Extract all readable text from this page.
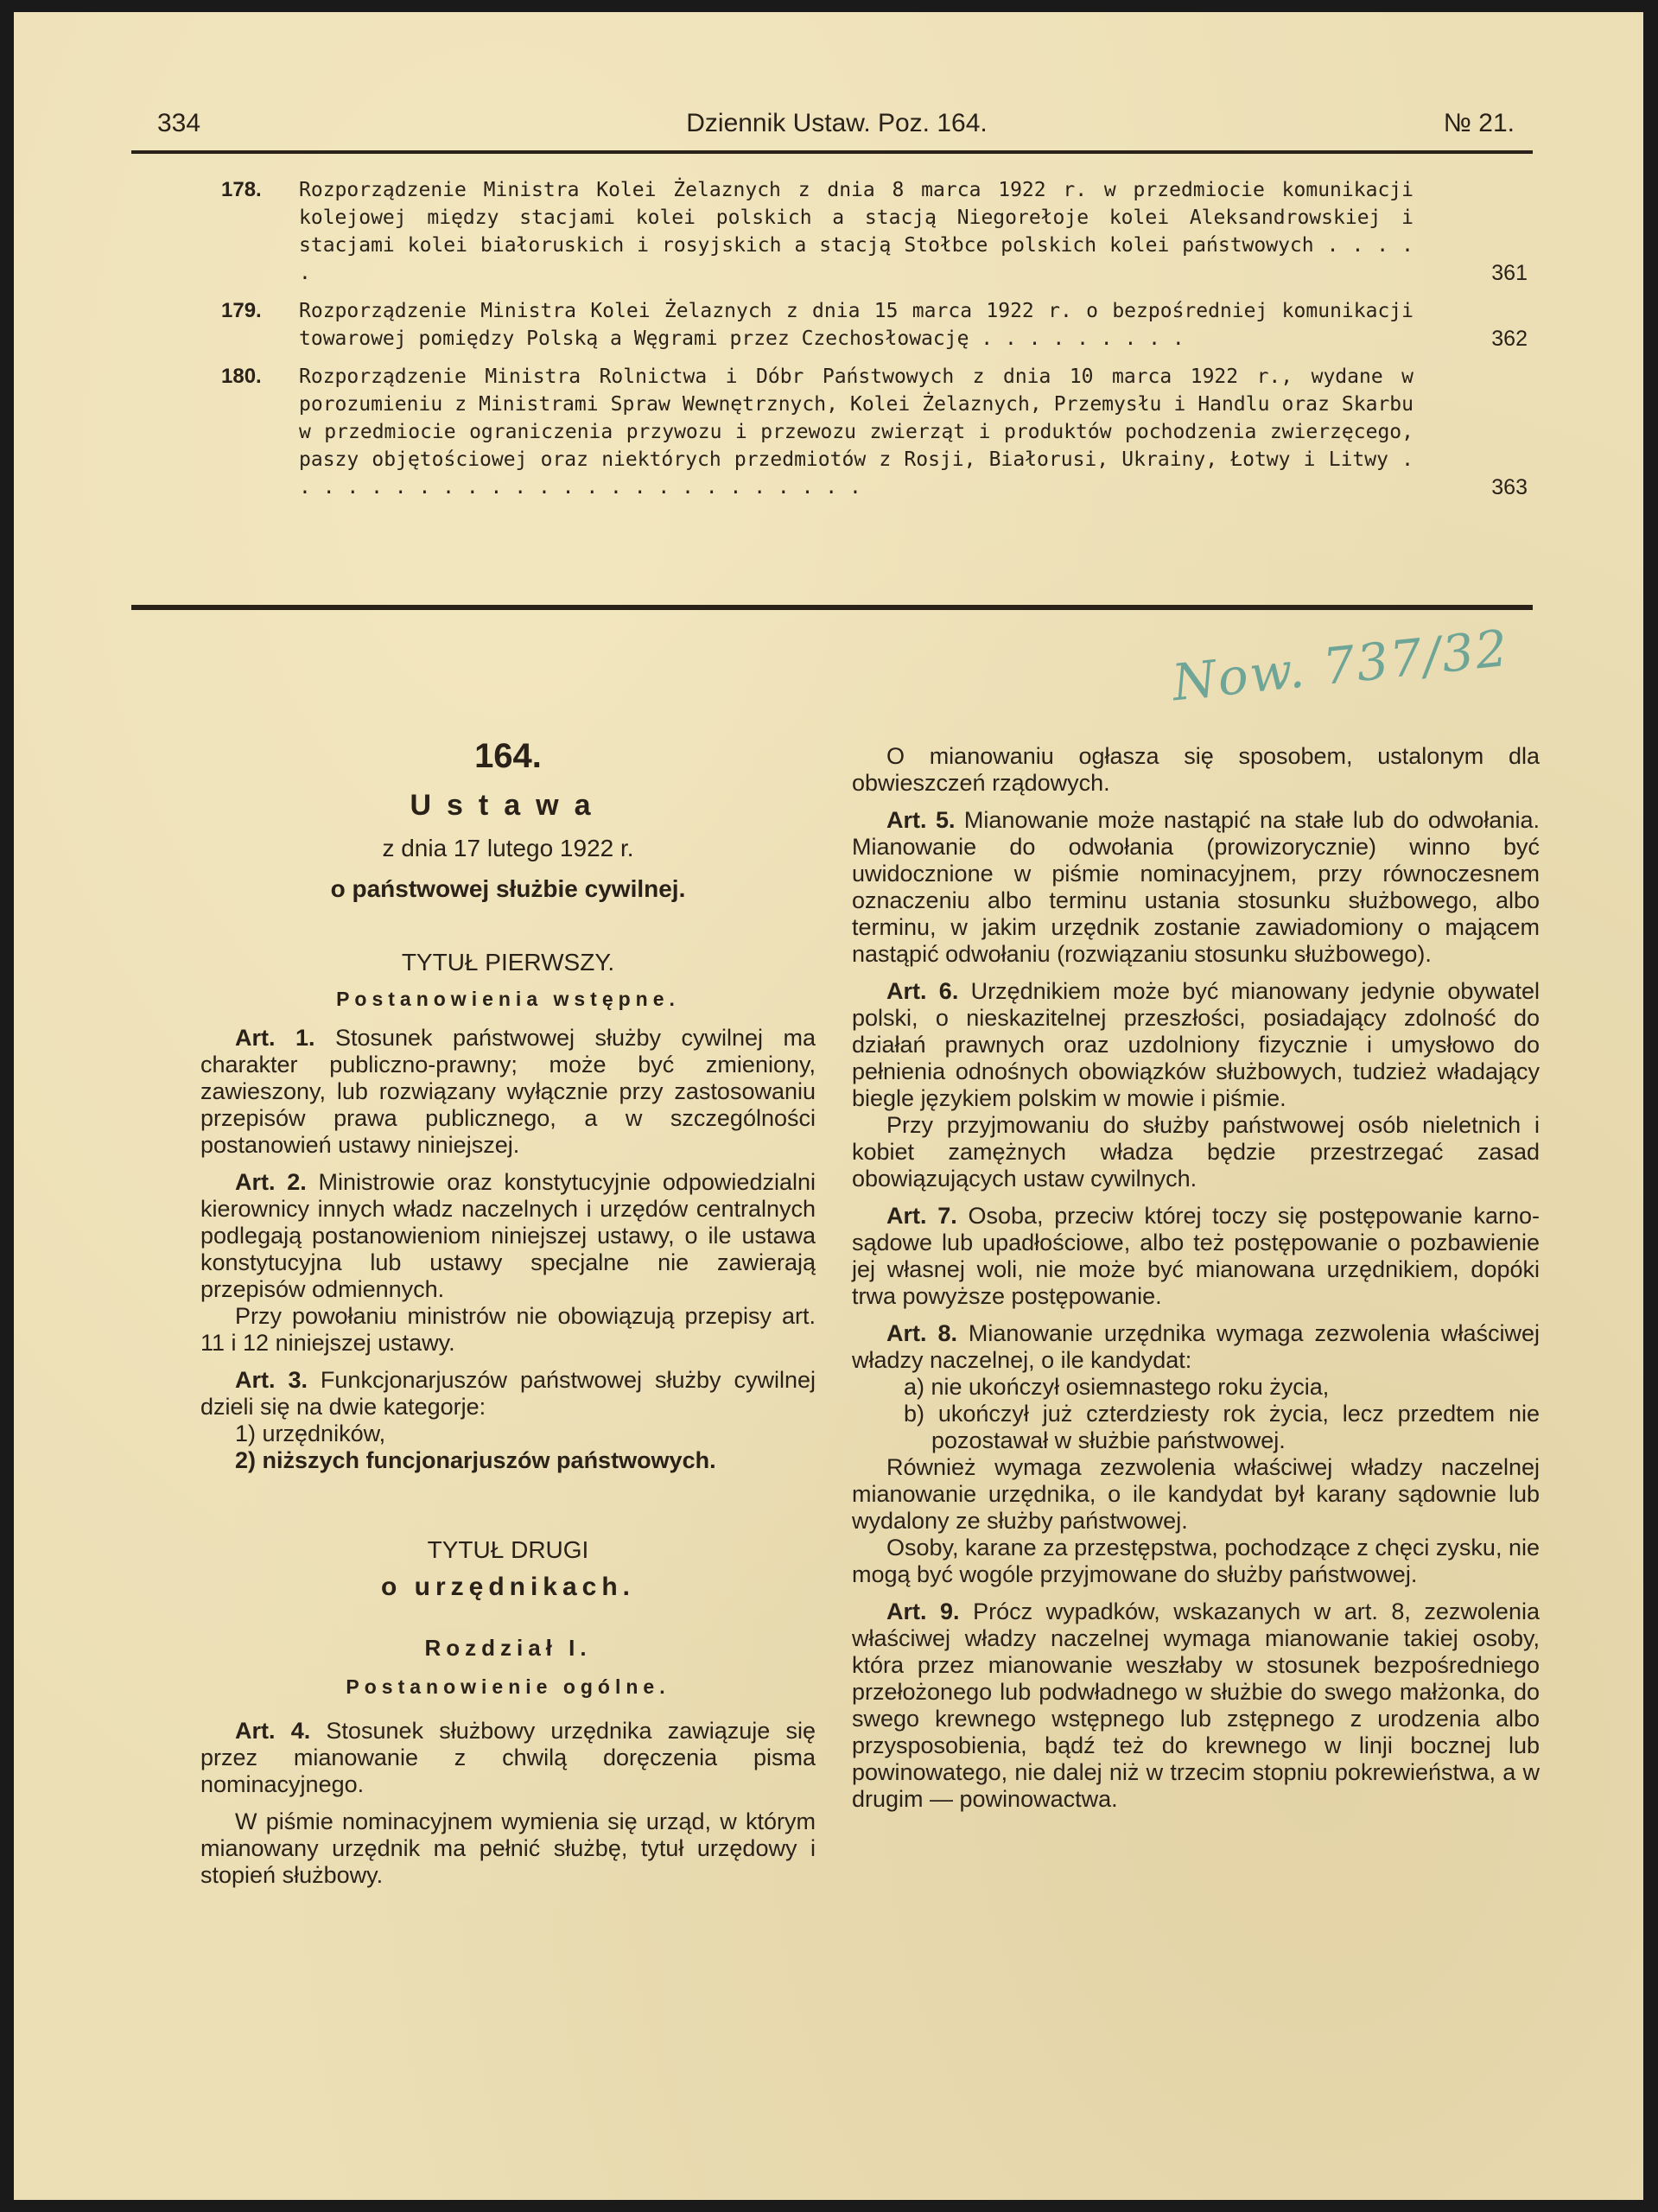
334	Dziennik Ustaw. Poz. 164.	№ 21.
178. Rozporządzenie Ministra Kolei Żelaznych z dnia 8 marca 1922 r. w przedmiocie komunikacji kolejowej między stacjami kolei polskich a stacją Niegorełoje kolei Aleksandrowskiej i stacjami kolei białoruskich i rosyjskich a stacją Stołbce polskich kolei państwowych . . . . .	361
179. Rozporządzenie Ministra Kolei Żelaznych z dnia 15 marca 1922 r. o bezpośredniej komunikacji towarowej pomiędzy Polską a Węgrami przez Czechosłowację . . . . . . . . .	362
180. Rozporządzenie Ministra Rolnictwa i Dóbr Państwowych z dnia 10 marca 1922 r., wydane w porozumieniu z Ministrami Spraw Wewnętrznych, Kolei Żelaznych, Przemysłu i Handlu oraz Skarbu w przedmiocie ograniczenia przywozu i przewozu zwierząt i produktów pochodzenia zwierzęcego, paszy objętościowej oraz niektórych przedmiotów z Rosji, Białorusi, Ukrainy, Łotwy i Litwy . . . . . . . . . . . . . . . . . . . . . . . . .	363
Now. 737/32
164.
Ustawa
z dnia 17 lutego 1922 r.
o państwowej służbie cywilnej.
TYTUŁ PIERWSZY.
Postanowienia wstępne.

Art. 1. Stosunek państwowej służby cywilnej ma charakter publiczno-prawny; może być zmieniony, zawieszony, lub rozwiązany wyłącznie przy zastosowaniu przepisów prawa publicznego, a w szczególności postanowień ustawy niniejszej.

Art. 2. Ministrowie oraz konstytucyjnie odpowiedzialni kierownicy innych władz naczelnych i urzędów centralnych podlegają postanowieniom niniejszej ustawy, o ile ustawa konstytucyjna lub ustawy specjalne nie zawierają przepisów odmiennych.

Przy powołaniu ministrów nie obowiązują przepisy art. 11 i 12 niniejszej ustawy.

Art. 3. Funkcjonarjuszów państwowej służby cywilnej dzieli się na dwie kategorje:

1) urzędników,
2) niższych funcjonarjuszów państwowych.
TYTUŁ DRUGI
o urzędnikach.
Rozdział I.
Postanowienie ogólne.

Art. 4. Stosunek służbowy urzędnika zawiązuje się przez mianowanie z chwilą doręczenia pisma nominacyjnego.

W piśmie nominacyjnem wymienia się urząd, w którym mianowany urzędnik ma pełnić służbę, tytuł urzędowy i stopień służbowy.

O mianowaniu ogłasza się sposobem, ustalonym dla obwieszczeń rządowych.

Art. 5. Mianowanie może nastąpić na stałe lub do odwołania. Mianowanie do odwołania (prowizorycznie) winno być uwidocznione w piśmie nominacyjnem, przy równoczesnem oznaczeniu albo terminu ustania stosunku służbowego, albo terminu, w jakim urzędnik zostanie zawiadomiony o mającem nastąpić odwołaniu (rozwiązaniu stosunku służbowego).

Art. 6. Urzędnikiem może być mianowany jedynie obywatel polski, o nieskazitelnej przeszłości, posiadający zdolność do działań prawnych oraz uzdolniony fizycznie i umysłowo do pełnienia odnośnych obowiązków służbowych, tudzież władający biegle językiem polskim w mowie i piśmie.

Przy przyjmowaniu do służby państwowej osób nieletnich i kobiet zamężnych władza będzie przestrzegać zasad obowiązujących ustaw cywilnych.

Art. 7. Osoba, przeciw której toczy się postępowanie karno-sądowe lub upadłościowe, albo też postępowanie o pozbawienie jej własnej woli, nie może być mianowana urzędnikiem, dopóki trwa powyższe postępowanie.

Art. 8. Mianowanie urzędnika wymaga zezwolenia właściwej władzy naczelnej, o ile kandydat:

a) nie ukończył osiemnastego roku życia,
b) ukończył już czterdziesty rok życia, lecz przedtem nie pozostawał w służbie państwowej.

Również wymaga zezwolenia właściwej władzy naczelnej mianowanie urzędnika, o ile kandydat był karany sądownie lub wydalony ze służby państwowej.

Osoby, karane za przestępstwa, pochodzące z chęci zysku, nie mogą być wogóle przyjmowane do służby państwowej.

Art. 9. Prócz wypadków, wskazanych w art. 8, zezwolenia właściwej władzy naczelnej wymaga mianowanie takiej osoby, która przez mianowanie weszłaby w stosunek bezpośredniego przełożonego lub podwładnego w służbie do swego małżonka, do swego krewnego wstępnego lub zstępnego z urodzenia albo przysposobienia, bądź też do krewnego w linji bocznej lub powinowatego, nie dalej niż w trzecim stopniu pokrewieństwa, a w drugim — powinowactwa.
